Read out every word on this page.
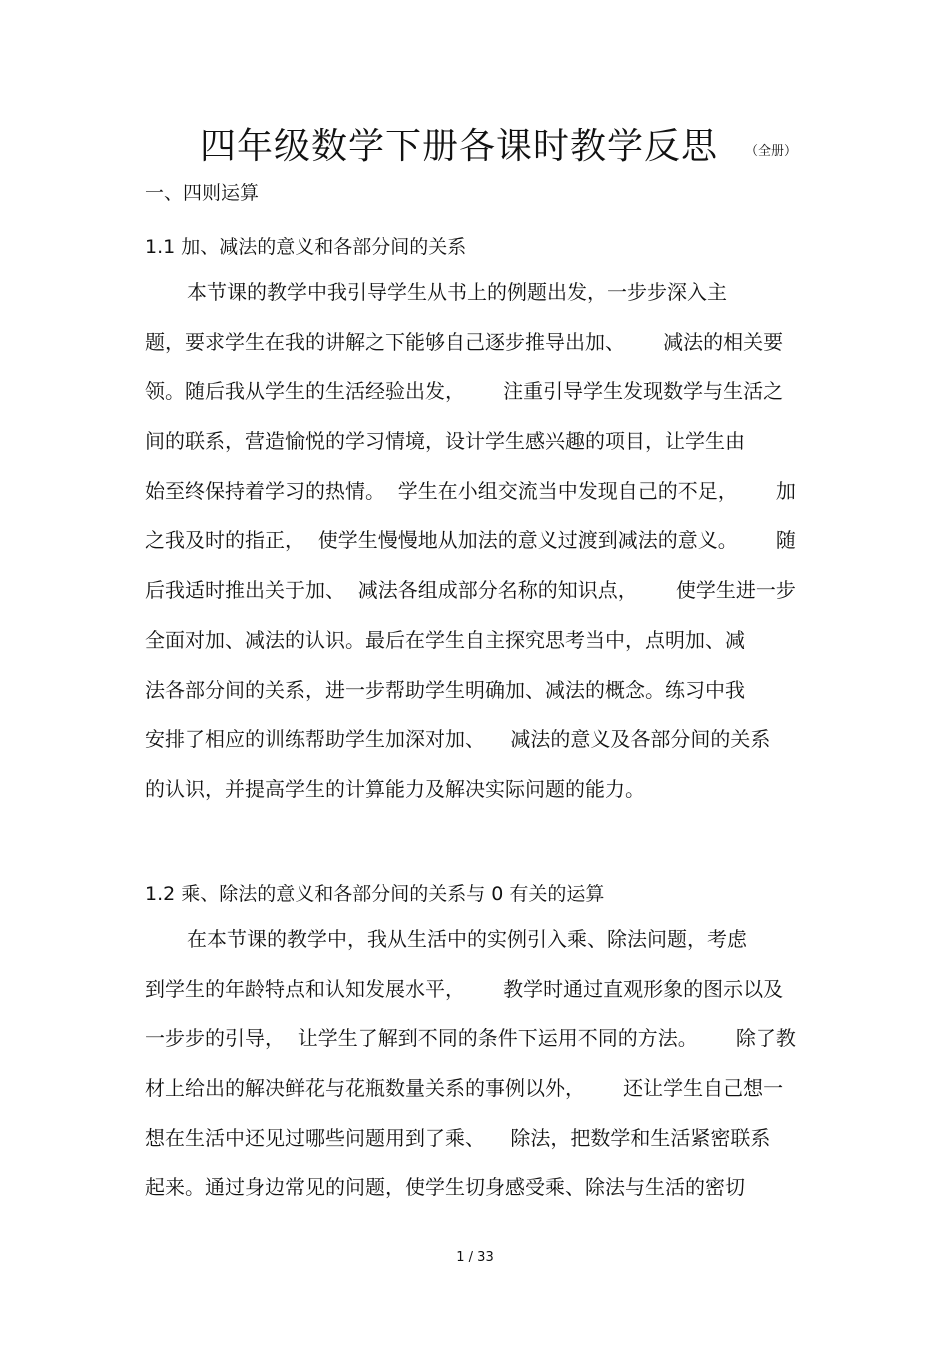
四年级数学下册各课时教学反思 （全册）
一、四则运算
1.1 加、减法的意义和各部分间的关系
本节课的教学中我引导学生从书上的例题出发，一步步深入主
题，要求学生在我的讲解之下能够自己逐步推导出加、      减法的相关要
领。随后我从学生的生活经验出发，      注重引导学生发现数学与生活之
间的联系，营造愉悦的学习情境，设计学生感兴趣的项目，让学生由
始至终保持着学习的热情。  学生在小组交流当中发现自己的不足，      加
之我及时的指正，  使学生慢慢地从加法的意义过渡到减法的意义。      随
后我适时推出关于加、  减法各组成部分名称的知识点，      使学生进一步
全面对加、减法的认识。最后在学生自主探究思考当中，点明加、减
法各部分间的关系，进一步帮助学生明确加、减法的概念。练习中我
安排了相应的训练帮助学生加深对加、    减法的意义及各部分间的关系
的认识，并提高学生的计算能力及解决实际问题的能力。
1.2 乘、除法的意义和各部分间的关系与 0 有关的运算
在本节课的教学中，我从生活中的实例引入乘、除法问题，考虑
到学生的年龄特点和认知发展水平，      教学时通过直观形象的图示以及
一步步的引导，  让学生了解到不同的条件下运用不同的方法。      除了教
材上给出的解决鲜花与花瓶数量关系的事例以外，      还让学生自己想一
想在生活中还见过哪些问题用到了乘、    除法，把数学和生活紧密联系
起来。通过身边常见的问题，使学生切身感受乘、除法与生活的密切
1 / 33
